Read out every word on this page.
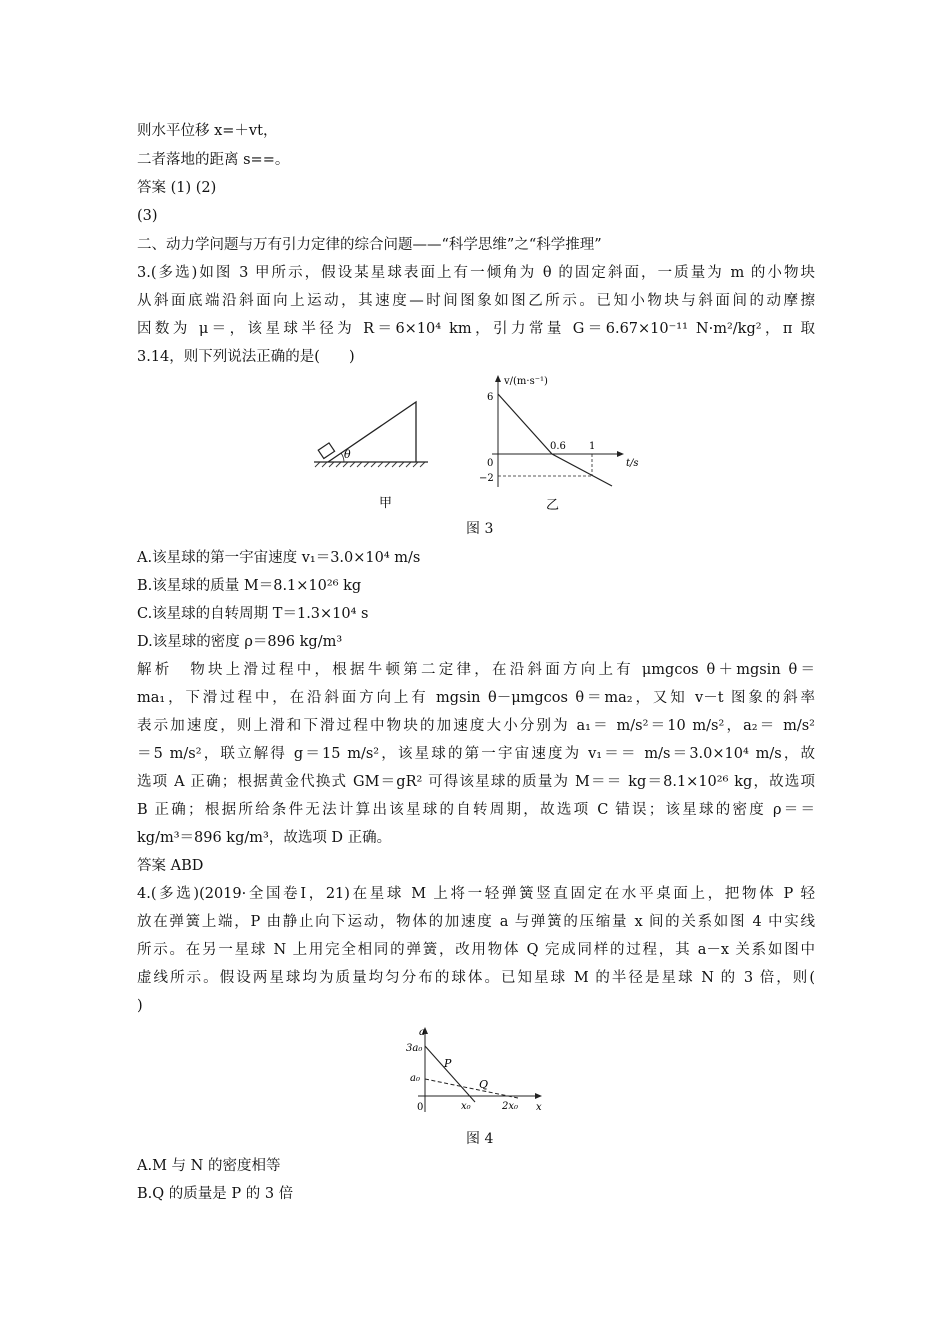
则水平位移 x=＋vt，
二者落地的距离 s==。
答案 (1) (2)
(3)
二、动力学问题与万有引力定律的综合问题——“科学思维”之“科学推理”
3.(多选)如图 3 甲所示，假设某星球表面上有一倾角为 θ 的固定斜面，一质量为 m 的小物块
从斜面底端沿斜面向上运动，其速度—时间图象如图乙所示。已知小物块与斜面间的动摩擦
因数为 μ＝，该星球半径为 R＝6×10⁴ km，引力常量 G＝6.67×10⁻¹¹ N·m²/kg²，π 取
3.14，则下列说法正确的是(　　)
θ
甲
v/(m·s⁻¹)
t/s
6
0
−2
0.6 1
乙
图 3
A.该星球的第一宇宙速度 v₁＝3.0×10⁴ m/s
B.该星球的质量 M＝8.1×10²⁶ kg
C.该星球的自转周期 T＝1.3×10⁴ s
D.该星球的密度 ρ＝896 kg/m³
解析　物块上滑过程中，根据牛顿第二定律，在沿斜面方向上有 μmgcos θ＋mgsin θ＝
ma₁，下滑过程中，在沿斜面方向上有 mgsin θ－μmgcos θ＝ma₂，又知 v－t 图象的斜率
表示加速度，则上滑和下滑过程中物块的加速度大小分别为 a₁＝ m/s²＝10 m/s²，a₂＝ m/s²
＝5 m/s²，联立解得 g＝15 m/s²，该星球的第一宇宙速度为 v₁＝＝ m/s＝3.0×10⁴ m/s，故
选项 A 正确；根据黄金代换式 GM＝gR² 可得该星球的质量为 M＝＝ kg＝8.1×10²⁶ kg，故选项
B 正确；根据所给条件无法计算出该星球的自转周期，故选项 C 错误；该星球的密度 ρ＝＝
kg/m³＝896 kg/m³，故选项 D 正确。
答案 ABD
4.(多选)(2019·全国卷Ⅰ，21)在星球 M 上将一轻弹簧竖直固定在水平桌面上，把物体 P 轻
放在弹簧上端，P 由静止向下运动，物体的加速度 a 与弹簧的压缩量 x 间的关系如图 4 中实线
所示。在另一星球 N 上用完全相同的弹簧，改用物体 Q 完成同样的过程，其 a－x 关系如图中
虚线所示。假设两星球均为质量均匀分布的球体。已知星球 M 的半径是星球 N 的 3 倍，则(
)
a
x
3a₀
a₀
0	x₀	2x₀
P
Q
图 4
A.M 与 N 的密度相等
B.Q 的质量是 P 的 3 倍
